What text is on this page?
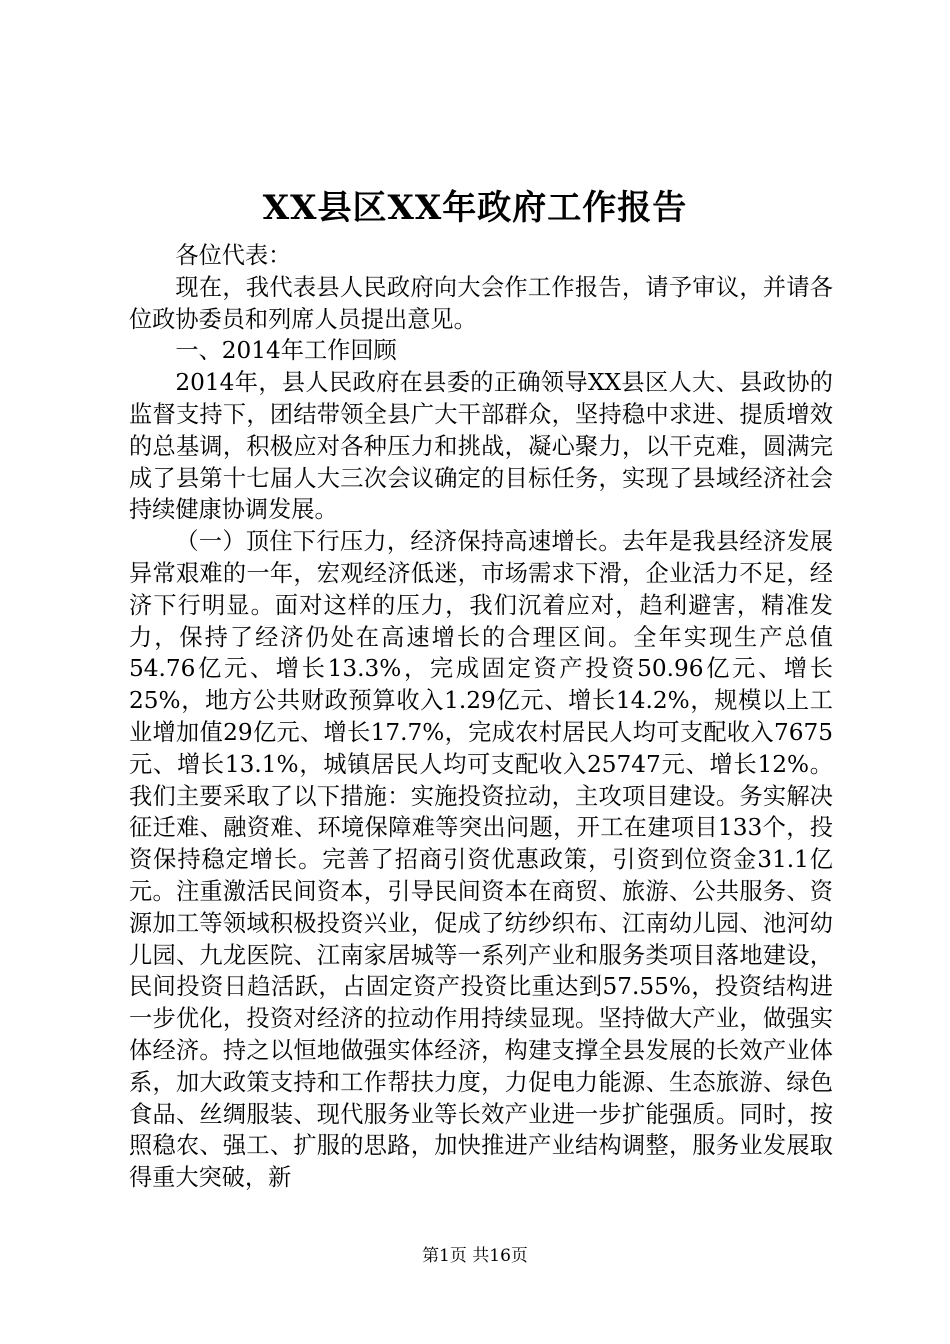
XX县区XX年政府工作报告

各位代表：

现在，我代表县人民政府向大会作工作报告，请予审议，并请各位政协委员和列席人员提出意见。

一、2014年工作回顾

2014年，县人民政府在县委的正确领导XX县区人大、县政协的监督支持下，团结带领全县广大干部群众，坚持稳中求进、提质增效的总基调，积极应对各种压力和挑战，凝心聚力，以干克难，圆满完成了县第十七届人大三次会议确定的目标任务，实现了县域经济社会持续健康协调发展。

（一）顶住下行压力，经济保持高速增长。去年是我县经济发展异常艰难的一年，宏观经济低迷，市场需求下滑，企业活力不足，经济下行明显。面对这样的压力，我们沉着应对，趋利避害，精准发力，保持了经济仍处在高速增长的合理区间。全年实现生产总值54.76亿元、增长13.3%，完成固定资产投资50.96亿元、增长25%，地方公共财政预算收入1.29亿元、增长14.2%，规模以上工业增加值29亿元、增长17.7%，完成农村居民人均可支配收入7675元、增长13.1%，城镇居民人均可支配收入25747元、增长12%。我们主要采取了以下措施：实施投资拉动，主攻项目建设。务实解决征迁难、融资难、环境保障难等突出问题，开工在建项目133个，投资保持稳定增长。完善了招商引资优惠政策，引资到位资金31.1亿元。注重激活民间资本，引导民间资本在商贸、旅游、公共服务、资源加工等领域积极投资兴业，促成了纺纱织布、江南幼儿园、池河幼儿园、九龙医院、江南家居城等一系列产业和服务类项目落地建设，民间投资日趋活跃，占固定资产投资比重达到57.55%，投资结构进一步优化，投资对经济的拉动作用持续显现。坚持做大产业，做强实体经济。持之以恒地做强实体经济，构建支撑全县发展的长效产业体系，加大政策支持和工作帮扶力度，力促电力能源、生态旅游、绿色食品、丝绸服装、现代服务业等长效产业进一步扩能强质。同时，按照稳农、强工、扩服的思路，加快推进产业结构调整，服务业发展取得重大突破，新

第1页 共16页
